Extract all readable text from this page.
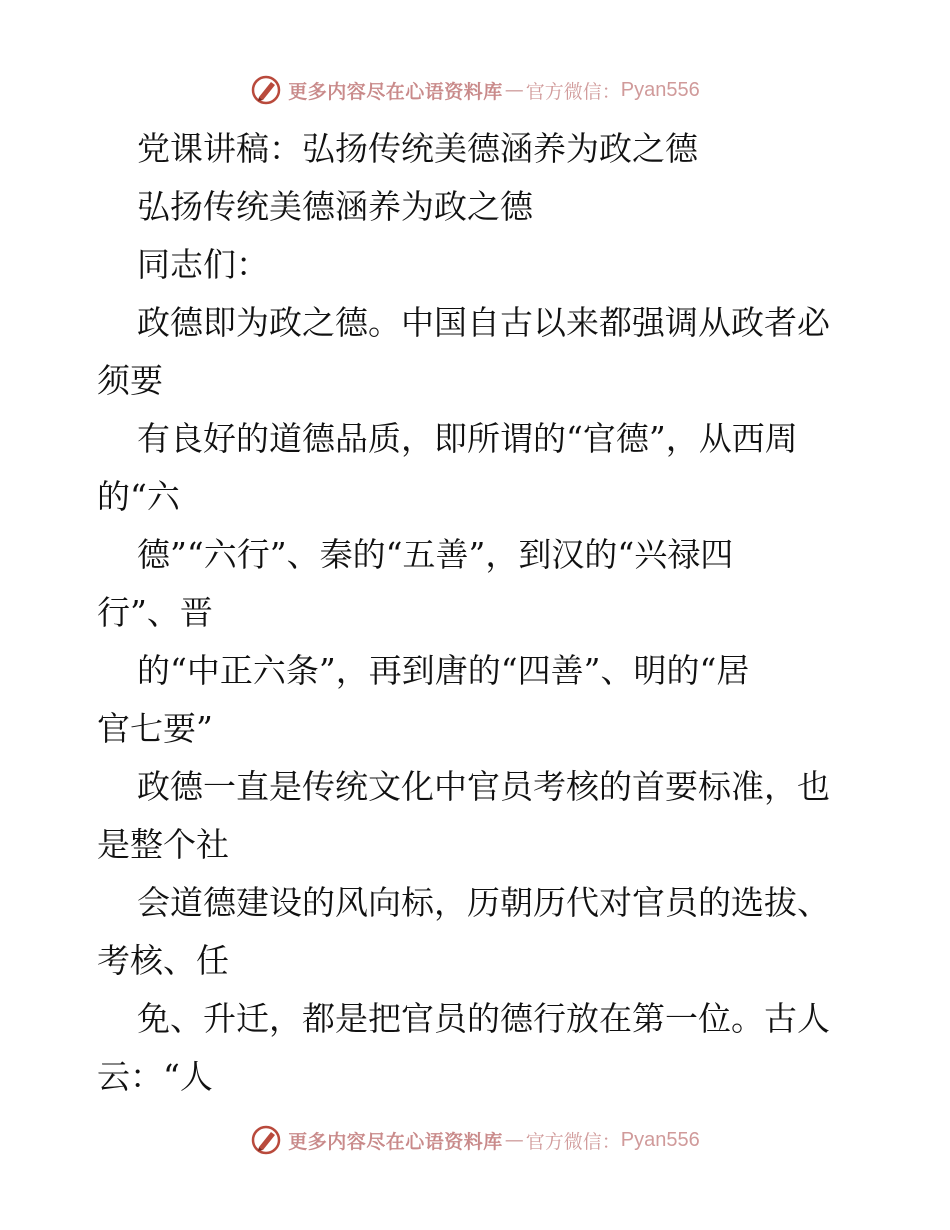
更多内容尽在心语资料库 — 官方微信： Pyan556
党课讲稿：弘扬传统美德涵养为政之德
弘扬传统美德涵养为政之德
同志们：
政德即为政之德。中国自古以来都强调从政者必
须要
有良好的道德品质，即所谓的“官德”，从西周
的“六
德”“六行”、秦的“五善”，到汉的“兴禄四
行”、晋
的“中正六条”，再到唐的“四善”、明的“居
官七要”
政德一直是传统文化中官员考核的首要标准，也
是整个社
会道德建设的风向标，历朝历代对官员的选拔、
考核、任
免、升迁，都是把官员的德行放在第一位。古人
云：“人
更多内容尽在心语资料库 — 官方微信： Pyan556
